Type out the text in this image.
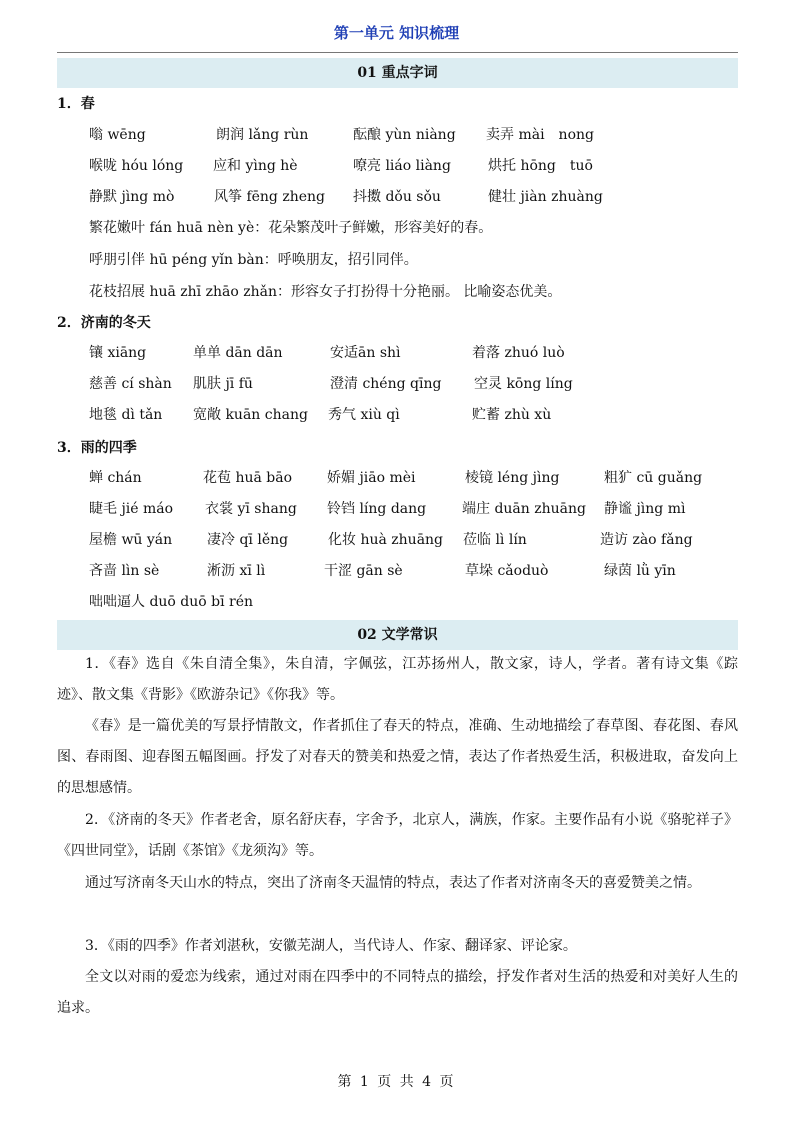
第一单元 知识梳理
01 重点字词
1．春
嗡 wēng	朗润 lǎng rùn	酝酿 yùn niàng 卖弄 mài　nong
喉咙 hóu lóng 应和 yìng hè	嘹亮 liáo liàng	烘托 hōng　tuō
静默 jìng mò	风筝 fēng zheng 抖擞 dǒu sǒu	健壮 jiàn zhuàng
繁花嫩叶 fán huā nèn yè：花朵繁茂叶子鲜嫩，形容美好的春。
呼朋引伴 hū péng yǐn bàn：呼唤朋友，招引同伴。
花枝招展 huā zhī zhāo zhǎn：形容女子打扮得十分艳丽。 比喻姿态优美。
2．济南的冬天
镶 xiāng	单单 dān dān	安适ān shì	着落 zhuó luò
慈善 cí shàn 肌肤 jī fū	澄清 chéng qīng 空灵 kōng líng
地毯 dì tǎn 宽敞 kuān chang 秀气 xiù qì	贮蓄 zhù xù
3．雨的四季
蝉 chán	花苞 huā bāo 娇媚 jiāo mèi	棱镜 léng jìng	粗犷 cū guǎng
睫毛 jié máo 衣裳 yī shang 铃铛 líng dang	端庄 duān zhuāng 静谧 jìng mì
屋檐 wū yán 凄冷 qī lěng	化妆 huà zhuāng 莅临 lì lín	造访 zào fǎng
吝啬 lìn sè	淅沥 xī lì	干涩 gān sè	草垛 cǎoduò	绿茵 lǜ yīn
咄咄逼人 duō duō bī rén
02 文学常识

1．《春》选自《朱自清全集》，朱自清，字佩弦，江苏扬州人，散文家，诗人，学者。著有诗文集《踪迹》、散文集《背影》《欧游杂记》《你我》等。

《春》是一篇优美的写景抒情散文，作者抓住了春天的特点，准确、生动地描绘了春草图、春花图、春风图、春雨图、迎春图五幅图画。抒发了对春天的赞美和热爱之情，表达了作者热爱生活，积极进取，奋发向上的思想感情。

2．《济南的冬天》作者老舍，原名舒庆春，字舍予，北京人，满族，作家。主要作品有小说《骆驼祥子》《四世同堂》，话剧《茶馆》《龙须沟》等。

通过写济南冬天山水的特点，突出了济南冬天温情的特点，表达了作者对济南冬天的喜爱赞美之情。

3．《雨的四季》作者刘湛秋，安徽芜湖人，当代诗人、作家、翻译家、评论家。

全文以对雨的爱恋为线索，通过对雨在四季中的不同特点的描绘，抒发作者对生活的热爱和对美好人生的追求。

第 1 页 共 4 页
